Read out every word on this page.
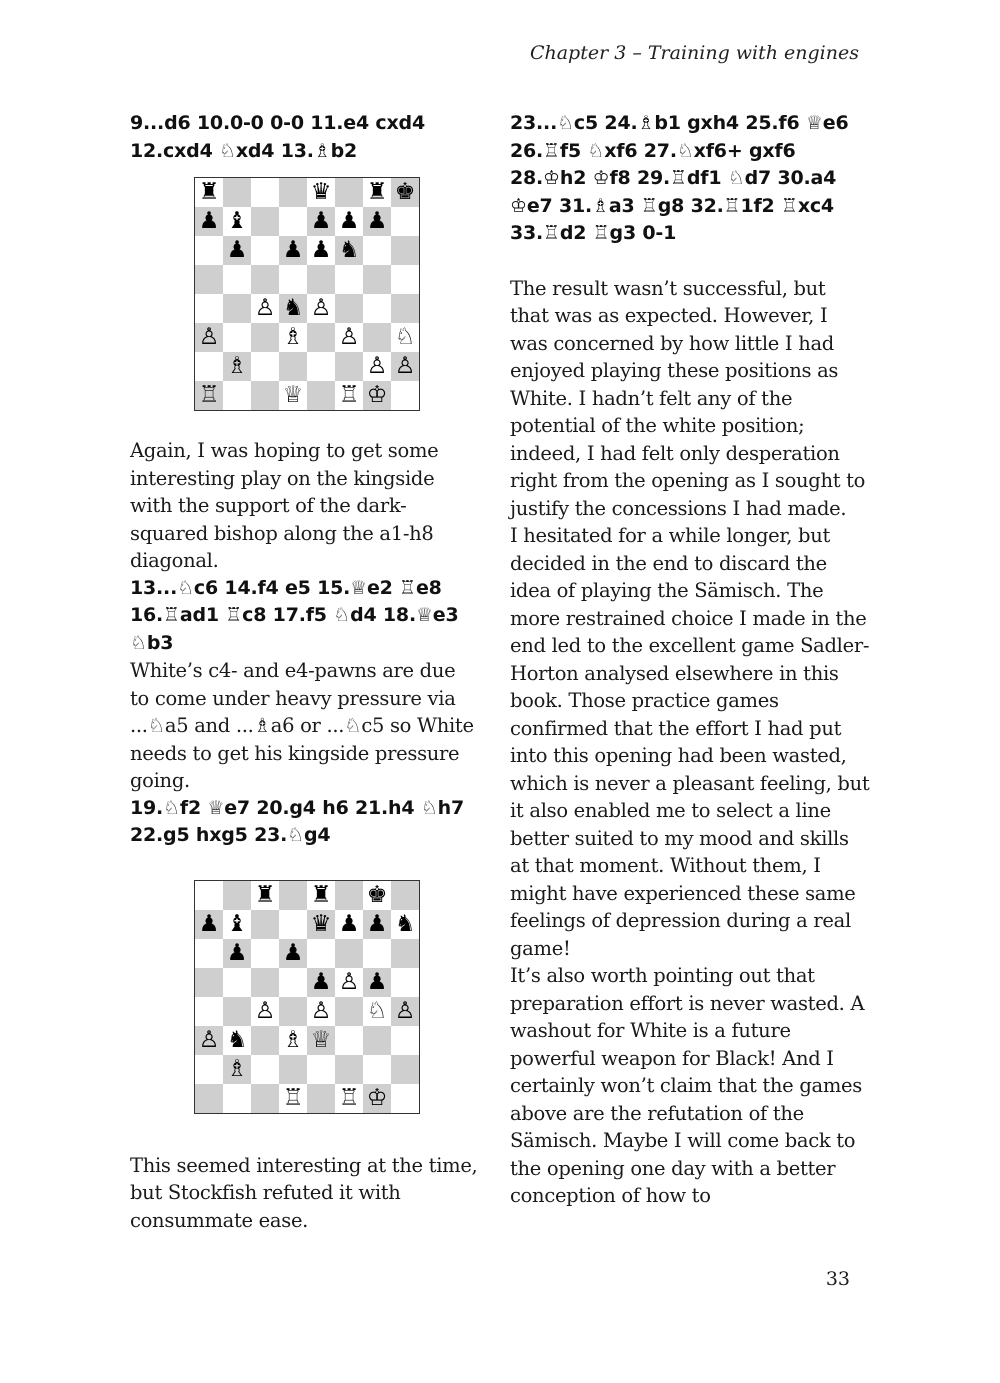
Chapter 3 – Training with engines

9...d6 10.0-0 0-0 11.e4 cxd4 12.cxd4 ♘xd4 13.♗b2

♜	♛ ♜ ♚
♟ ♝	♟ ♟ ♟
♟ ♟ ♟ ♞
♙ ♞ ♙
♙	♗ ♙ ♘
♗	♙ ♙
♖	♕ ♖ ♔

Again, I was hoping to get some interesting play on the kingside with the support of the dark-squared bishop along the a1-h8 diagonal.

13...♘c6 14.f4 e5 15.♕e2 ♖e8 16.♖ad1 ♖c8 17.f5 ♘d4 18.♕e3 ♘b3

White’s c4- and e4-pawns are due to come under heavy pressure via ...♘a5 and ...♗a6 or ...♘c5 so White needs to get his kingside pressure going.

19.♘f2 ♕e7 20.g4 h6 21.h4 ♘h7 22.g5 hxg5 23.♘g4

♜ ♜ ♚
♟ ♝	♛ ♟ ♟ ♞
♟ ♟
♟ ♙ ♟
♙ ♙ ♘ ♙
♙ ♞ ♗ ♕
♗
♖ ♖ ♔

This seemed interesting at the time, but Stockfish refuted it with consummate ease.

23...♘c5 24.♗b1 gxh4 25.f6 ♕e6 26.♖f5 ♘xf6 27.♘xf6+ gxf6 28.♔h2 ♔f8 29.♖df1 ♘d7 30.a4 ♔e7 31.♗a3 ♖g8 32.♖1f2 ♖xc4 33.♖d2 ♖g3 0-1

The result wasn’t successful, but that was as expected. However, I was concerned by how little I had enjoyed playing these positions as White. I hadn’t felt any of the potential of the white position; indeed, I had felt only desperation right from the opening as I sought to justify the concessions I had made.

I hesitated for a while longer, but decided in the end to discard the idea of playing the Sämisch. The more restrained choice I made in the end led to the excellent game Sadler-Horton analysed elsewhere in this book. Those practice games confirmed that the effort I had put into this opening had been wasted, which is never a pleasant feeling, but it also enabled me to select a line better suited to my mood and skills at that moment. Without them, I might have experienced these same feelings of depression during a real game!

It’s also worth pointing out that preparation effort is never wasted. A washout for White is a future powerful weapon for Black! And I certainly won’t claim that the games above are the refutation of the Sämisch. Maybe I will come back to the opening one day with a better conception of how to

33
